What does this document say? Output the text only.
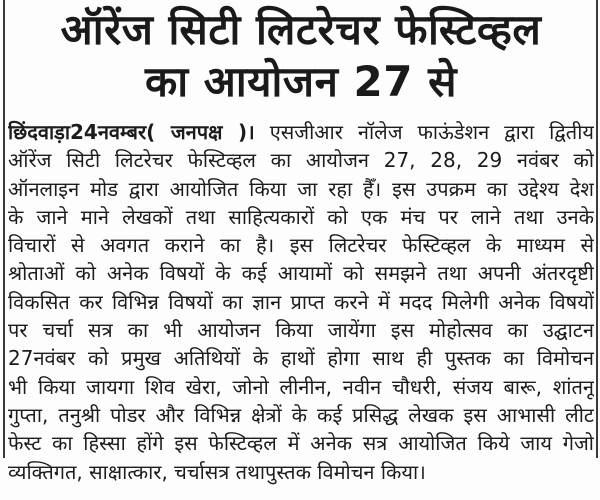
ऑरेंज सिटी लिटरेचर फेस्टिव्हल
का आयोजन 27 से
छिंदवाड़ा24नवम्बर( जनपक्ष )। एसजीआर नॉलेज फाऊंडेशन द्वारा द्वितीय
ऑरेंज सिटी लिटरेचर फेस्टिव्हल का आयोजन 27, 28, 29 नवंबर को
ऑनलाइन मोड द्वारा आयोजित किया जा रहा हैँ। इस उपक्रम का उद्देश्य देश
के जाने माने लेखकों तथा साहित्यकारों को एक मंच पर लाने तथा उनके
विचारों से अवगत कराने का है। इस लिटरेचर फेस्टिव्हल के माध्यम से
श्रोताओं को अनेक विषयों के कई आयामों को समझने तथा अपनी अंतरदृष्टी
विकसित कर विभिन्न विषयों का ज्ञान प्राप्त करने में मदद मिलेगी अनेक विषयों
पर चर्चा सत्र का भी आयोजन किया जायेंगा इस मोहोत्सव का उद्घाटन
27नवंबर को प्रमुख अतिथियों के हाथों होगा साथ ही पुस्तक का विमोचन
भी किया जायगा शिव खेरा, जोनो लीनीन, नवीन चौधरी, संजय बारू, शांतनू
गुप्ता, तनुश्री पोडर और विभिन्न क्षेत्रों के कई प्रसिद्ध लेखक इस आभासी लीट
फेस्ट का हिस्सा होंगे इस फेस्टिव्हल में अनेक सत्र आयोजित किये जाय गेजो
व्यक्तिगत, साक्षात्कार, चर्चासत्र तथापुस्तक विमोचन किया।
